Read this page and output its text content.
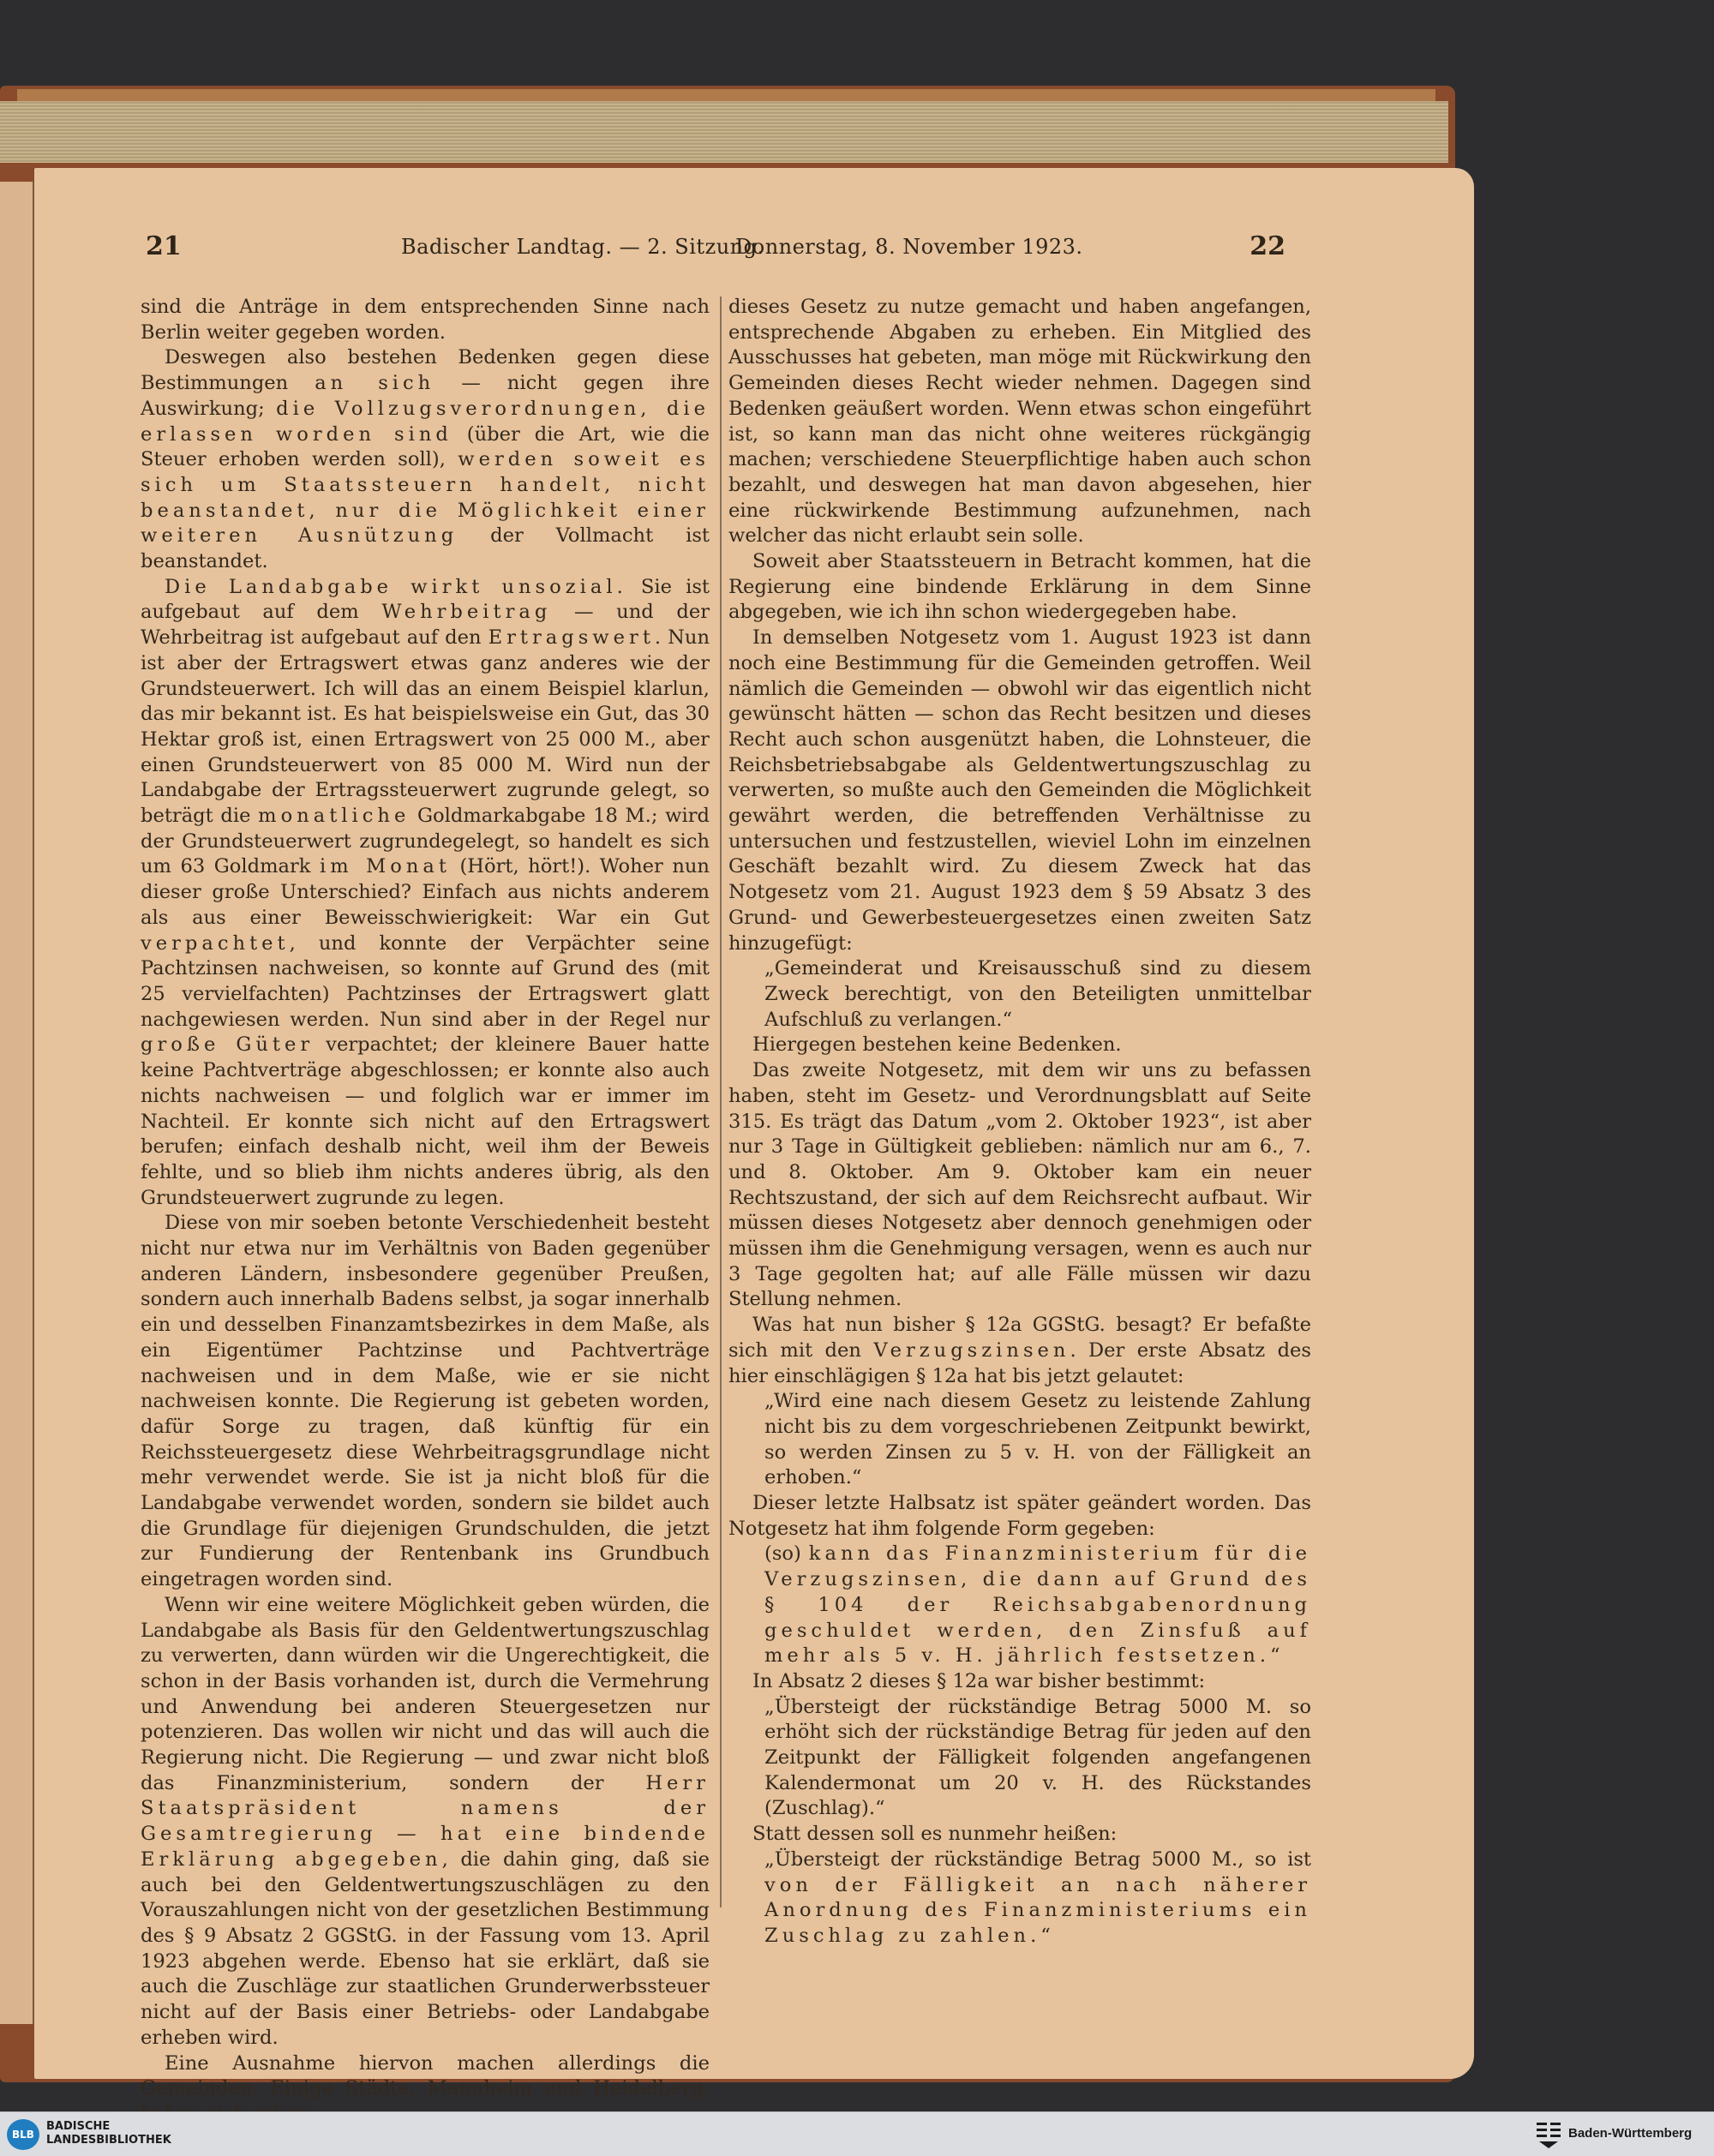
21	Badischer Landtag. — 2. Sitzung.
Donnerstag, 8. November 1923.	22

sind die Anträge in dem entsprechenden Sinne nach Berlin weiter gegeben worden.

Deswegen also bestehen Bedenken gegen diese Bestimmungen an sich — nicht gegen ihre Auswirkung; die Vollzugsverordnungen, die erlassen worden sind (über die Art, wie die Steuer erhoben werden soll), werden soweit es sich um Staatssteuern handelt, nicht beanstandet, nur die Möglichkeit einer weiteren Ausnützung der Vollmacht ist beanstandet.

Die Landabgabe wirkt unsozial. Sie ist aufgebaut auf dem Wehrbeitrag — und der Wehrbeitrag ist aufgebaut auf den Ertragswert. Nun ist aber der Ertragswert etwas ganz anderes wie der Grundsteuerwert. Ich will das an einem Beispiel klarlun, das mir bekannt ist. Es hat beispielsweise ein Gut, das 30 Hektar groß ist, einen Ertragswert von 25 000 M., aber einen Grundsteuerwert von 85 000 M. Wird nun der Landabgabe der Ertragssteuerwert zugrunde gelegt, so beträgt die monatliche Goldmarkabgabe 18 M.; wird der Grundsteuerwert zugrundegelegt, so handelt es sich um 63 Goldmark im Monat (Hört, hört!). Woher nun dieser große Unterschied? Einfach aus nichts anderem als aus einer Beweisschwierigkeit: War ein Gut verpachtet, und konnte der Verpächter seine Pachtzinsen nachweisen, so konnte auf Grund des (mit 25 vervielfachten) Pachtzinses der Ertragswert glatt nachgewiesen werden. Nun sind aber in der Regel nur große Güter verpachtet; der kleinere Bauer hatte keine Pachtverträge abgeschlossen; er konnte also auch nichts nachweisen — und folglich war er immer im Nachteil. Er konnte sich nicht auf den Ertragswert berufen; einfach deshalb nicht, weil ihm der Beweis fehlte, und so blieb ihm nichts anderes übrig, als den Grundsteuerwert zugrunde zu legen.

Diese von mir soeben betonte Verschiedenheit besteht nicht nur etwa nur im Verhältnis von Baden gegenüber anderen Ländern, insbesondere gegenüber Preußen, sondern auch innerhalb Badens selbst, ja sogar innerhalb ein und desselben Finanzamtsbezirkes in dem Maße, als ein Eigentümer Pachtzinse und Pachtverträge nachweisen und in dem Maße, wie er sie nicht nachweisen konnte. Die Regierung ist gebeten worden, dafür Sorge zu tragen, daß künftig für ein Reichssteuergesetz diese Wehrbeitragsgrundlage nicht mehr verwendet werde. Sie ist ja nicht bloß für die Landabgabe verwendet worden, sondern sie bildet auch die Grundlage für diejenigen Grundschulden, die jetzt zur Fundierung der Rentenbank ins Grundbuch eingetragen worden sind.

Wenn wir eine weitere Möglichkeit geben würden, die Landabgabe als Basis für den Geldentwertungszuschlag zu verwerten, dann würden wir die Ungerechtigkeit, die schon in der Basis vorhanden ist, durch die Vermehrung und Anwendung bei anderen Steuergesetzen nur potenzieren. Das wollen wir nicht und das will auch die Regierung nicht. Die Regierung — und zwar nicht bloß das Finanzministerium, sondern der Herr Staatspräsident namens der Gesamtregierung — hat eine bindende Erklärung abgegeben, die dahin ging, daß sie auch bei den Geldentwertungszuschlägen zu den Vorauszahlungen nicht von der gesetzlichen Bestimmung des § 9 Absatz 2 GGStG. in der Fassung vom 13. April 1923 abgehen werde. Ebenso hat sie erklärt, daß sie auch die Zuschläge zur staatlichen Grunderwerbssteuer nicht auf der Basis einer Betriebs- oder Landabgabe erheben wird.

Eine Ausnahme hiervon machen allerdings die Gemeinden. Einige Städte, Mannheim und Heidelberg,

dieses Gesetz zu nutze gemacht und haben angefangen, entsprechende Abgaben zu erheben. Ein Mitglied des Ausschusses hat gebeten, man möge mit Rückwirkung den Gemeinden dieses Recht wieder nehmen. Dagegen sind Bedenken geäußert worden. Wenn etwas schon eingeführt ist, so kann man das nicht ohne weiteres rückgängig machen; verschiedene Steuerpflichtige haben auch schon bezahlt, und deswegen hat man davon abgesehen, hier eine rückwirkende Bestimmung aufzunehmen, nach welcher das nicht erlaubt sein solle.

Soweit aber Staatssteuern in Betracht kommen, hat die Regierung eine bindende Erklärung in dem Sinne abgegeben, wie ich ihn schon wiedergegeben habe.

In demselben Notgesetz vom 1. August 1923 ist dann noch eine Bestimmung für die Gemeinden getroffen. Weil nämlich die Gemeinden — obwohl wir das eigentlich nicht gewünscht hätten — schon das Recht besitzen und dieses Recht auch schon ausgenützt haben, die Lohnsteuer, die Reichsbetriebsabgabe als Geldentwertungszuschlag zu verwerten, so mußte auch den Gemeinden die Möglichkeit gewährt werden, die betreffenden Verhältnisse zu untersuchen und festzustellen, wieviel Lohn im einzelnen Geschäft bezahlt wird. Zu diesem Zweck hat das Notgesetz vom 21. August 1923 dem § 59 Absatz 3 des Grund- und Gewerbesteuergesetzes einen zweiten Satz hinzugefügt:

„Gemeinderat und Kreisausschuß sind zu diesem Zweck berechtigt, von den Beteiligten unmittelbar Aufschluß zu verlangen.“

Hiergegen bestehen keine Bedenken.

Das zweite Notgesetz, mit dem wir uns zu befassen haben, steht im Gesetz- und Verordnungsblatt auf Seite 315. Es trägt das Datum „vom 2. Oktober 1923“, ist aber nur 3 Tage in Gültigkeit geblieben: nämlich nur am 6., 7. und 8. Oktober. Am 9. Oktober kam ein neuer Rechtszustand, der sich auf dem Reichsrecht aufbaut. Wir müssen dieses Notgesetz aber dennoch genehmigen oder müssen ihm die Genehmigung versagen, wenn es auch nur 3 Tage gegolten hat; auf alle Fälle müssen wir dazu Stellung nehmen.

Was hat nun bisher § 12a GGStG. besagt? Er befaßte sich mit den Verzugszinsen. Der erste Absatz des hier einschlägigen § 12a hat bis jetzt gelautet:

„Wird eine nach diesem Gesetz zu leistende Zahlung nicht bis zu dem vorgeschriebenen Zeitpunkt bewirkt, so werden Zinsen zu 5 v. H. von der Fälligkeit an erhoben.“

Dieser letzte Halbsatz ist später geändert worden. Das Notgesetz hat ihm folgende Form gegeben:

(so) kann das Finanzministerium für die Verzugszinsen, die dann auf Grund des § 104 der Reichsabgabenordnung geschuldet werden, den Zinsfuß auf mehr als 5 v. H. jährlich festsetzen.“

In Absatz 2 dieses § 12a war bisher bestimmt:

„Übersteigt der rückständige Betrag 5000 M. so erhöht sich der rückständige Betrag für jeden auf den Zeitpunkt der Fälligkeit folgenden angefangenen Kalendermonat um 20 v. H. des Rückstandes (Zuschlag).“

Statt dessen soll es nunmehr heißen:

„Übersteigt der rückständige Betrag 5000 M., so ist von der Fälligkeit an nach näherer Anordnung des Finanzministeriums ein Zuschlag zu zahlen.“

BLB
BADISCHE
LANDESBIBLIOTHEK	Baden-Württemberg
